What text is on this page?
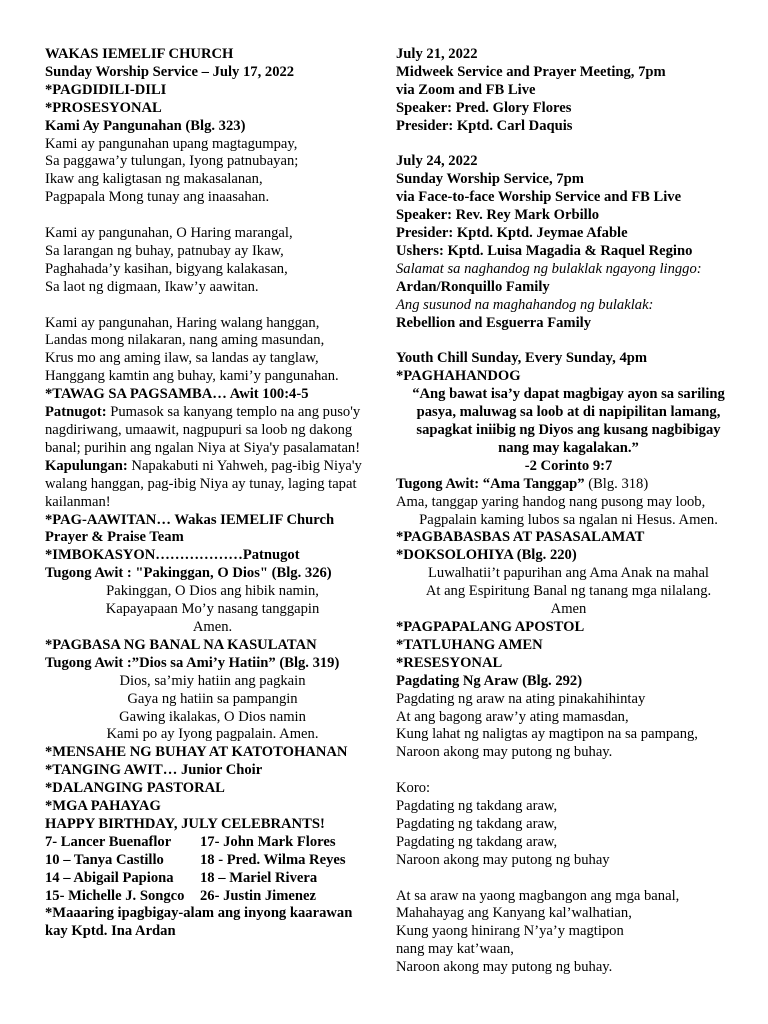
WAKAS IEMELIF CHURCH
Sunday Worship Service – July 17, 2022
*PAGDIDILI-DILI
*PROSESYONAL
Kami Ay Pangunahan (Blg. 323)
Kami ay pangunahan upang magtagumpay,
Sa paggawa’y tulungan, Iyong patnubayan;
Ikaw ang kaligtasan ng makasalanan,
Pagpapala Mong tunay ang inaasahan.
Kami ay pangunahan, O Haring marangal,
Sa larangan ng buhay, patnubay ay Ikaw,
Paghahada’y kasihan, bigyang kalakasan,
Sa laot ng digmaan, Ikaw’y aawitan.
Kami ay pangunahan, Haring walang hanggan,
Landas mong nilakaran, nang aming masundan,
Krus mo ang aming ilaw, sa landas ay tanglaw,
Hanggang kamtin ang buhay, kami’y pangunahan.
*TAWAG SA PAGSAMBA… Awit 100:4-5
Patnugot: Pumasok sa kanyang templo na ang puso'y nagdiriwang, umaawit, nagpupuri sa loob ng dakong banal; purihin ang ngalan Niya at Siya'y pasalamatan!
Kapulungan: Napakabuti ni Yahweh, pag-ibig Niya'y walang hanggan, pag-ibig Niya ay tunay, laging tapat kailanman!
*PAG-AAWITAN… Wakas IEMELIF Church
Prayer & Praise Team
*IMBOKASYON………………Patnugot
Tugong Awit : "Pakinggan, O Dios" (Blg. 326)
Pakinggan, O Dios ang hibik namin,
Kapayapaan Mo’y nasang tanggapin
Amen.
*PAGBASA NG BANAL NA KASULATAN
Tugong Awit :”Dios sa Ami’y Hatiin” (Blg. 319)
Dios, sa’miy hatiin ang pagkain
Gaya ng hatiin sa pampangin
Gawing ikalakas, O Dios namin
Kami po ay Iyong pagpalain. Amen.
*MENSAHE NG BUHAY AT KATOTOHANAN
*TANGING AWIT… Junior Choir
*DALANGING PASTORAL
*MGA PAHAYAG
HAPPY BIRTHDAY, JULY CELEBRANTS!
7- Lancer Buenaflor	17- John Mark Flores
10 – Tanya Castillo	18 - Pred. Wilma Reyes
14 – Abigail Papiona	18 – Mariel Rivera
15- Michelle J. Songco	26- Justin Jimenez
*Maaaring ipagbigay-alam ang inyong kaarawan
kay Kptd. Ina Ardan
July 21, 2022
Midweek Service and Prayer Meeting, 7pm
via Zoom and FB Live
Speaker: Pred. Glory Flores
Presider: Kptd. Carl Daquis
July 24, 2022
Sunday Worship Service, 7pm
via Face-to-face Worship Service and FB Live
Speaker: Rev. Rey Mark Orbillo
Presider: Kptd. Kptd. Jeymae Afable
Ushers: Kptd. Luisa Magadia & Raquel Regino
Salamat sa naghandog ng bulaklak ngayong linggo:
Ardan/Ronquillo Family
Ang susunod na maghahandog ng bulaklak:
Rebellion and Esguerra Family
Youth Chill Sunday, Every Sunday, 4pm
*PAGHAHANDOG
“Ang bawat isa’y dapat magbigay ayon sa sariling
pasya, maluwag sa loob at di napipilitan lamang,
sapagkat iniibig ng Diyos ang kusang nagbibigay
nang may kagalakan.”
-2 Corinto 9:7
Tugong Awit: “Ama Tanggap” (Blg. 318)
Ama, tanggap yaring handog nang pusong may loob,
Pagpalain kaming lubos sa ngalan ni Hesus. Amen.
*PAGBABASBAS AT PASASALAMAT
*DOKSOLOHIYA (Blg. 220)
Luwalhatii’t papurihan ang Ama Anak na mahal
At ang Espiritung Banal ng tanang mga nilalang.
Amen
*PAGPAPALANG APOSTOL
*TATLUHANG AMEN
*RESESYONAL
Pagdating Ng Araw (Blg. 292)
Pagdating ng araw na ating pinakahihintay
At ang bagong araw’y ating mamasdan,
Kung lahat ng naligtas ay magtipon na sa pampang,
Naroon akong may putong ng buhay.
Koro:
Pagdating ng takdang araw,
Pagdating ng takdang araw,
Pagdating ng takdang araw,
Naroon akong may putong ng buhay
At sa araw na yaong magbangon ang mga banal,
Mahahayag ang Kanyang kal’walhatian,
Kung yaong hinirang N’ya’y magtipon
nang may kat’waan,
Naroon akong may putong ng buhay.
